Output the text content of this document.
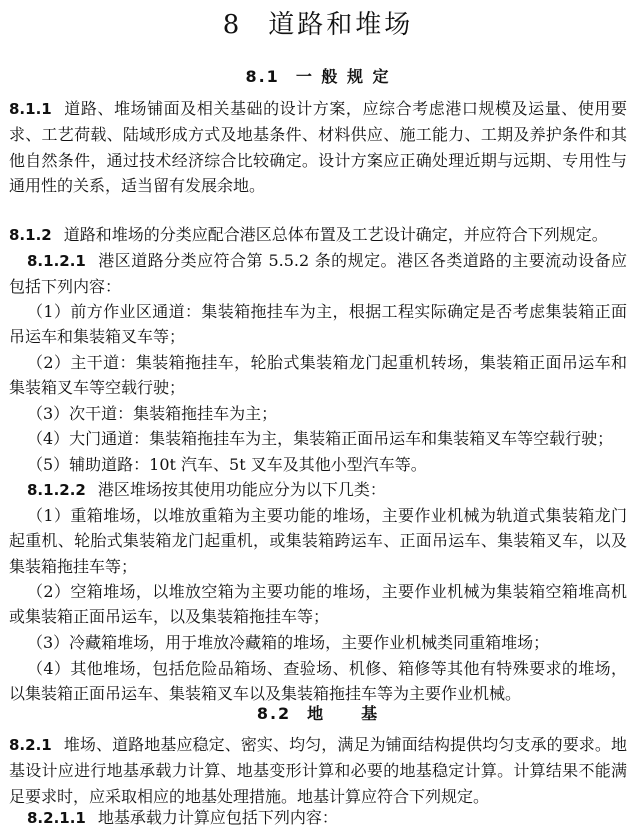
8 道路和堆场
8.1 一 般 规 定
8.1.1 道路、堆场铺面及相关基础的设计方案，应综合考虑港口规模及运量、使用要求、工艺荷载、陆域形成方式及地基条件、材料供应、施工能力、工期及养护条件和其他自然条件，通过技术经济综合比较确定。设计方案应正确处理近期与远期、专用性与通用性的关系，适当留有发展余地。
8.1.2 道路和堆场的分类应配合港区总体布置及工艺设计确定，并应符合下列规定。
8.1.2.1 港区道路分类应符合第 5.5.2 条的规定。港区各类道路的主要流动设备应包括下列内容：
（1）前方作业区通道：集装箱拖挂车为主，根据工程实际确定是否考虑集装箱正面吊运车和集装箱叉车等；
（2）主干道：集装箱拖挂车，轮胎式集装箱龙门起重机转场，集装箱正面吊运车和集装箱叉车等空载行驶；
（3）次干道：集装箱拖挂车为主；
（4）大门通道：集装箱拖挂车为主，集装箱正面吊运车和集装箱叉车等空载行驶；
（5）辅助道路：10t 汽车、5t 叉车及其他小型汽车等。
8.1.2.2 港区堆场按其使用功能应分为以下几类：
（1）重箱堆场，以堆放重箱为主要功能的堆场，主要作业机械为轨道式集装箱龙门起重机、轮胎式集装箱龙门起重机，或集装箱跨运车、正面吊运车、集装箱叉车，以及集装箱拖挂车等；
（2）空箱堆场，以堆放空箱为主要功能的堆场，主要作业机械为集装箱空箱堆高机或集装箱正面吊运车，以及集装箱拖挂车等；
（3）冷藏箱堆场，用于堆放冷藏箱的堆场，主要作业机械类同重箱堆场；
（4）其他堆场，包括危险品箱场、查验场、机修、箱修等其他有特殊要求的堆场，以集装箱正面吊运车、集装箱叉车以及集装箱拖挂车等为主要作业机械。
8.2 地　　基
8.2.1 堆场、道路地基应稳定、密实、均匀，满足为铺面结构提供均匀支承的要求。地基设计应进行地基承载力计算、地基变形计算和必要的地基稳定计算。计算结果不能满足要求时，应采取相应的地基处理措施。地基计算应符合下列规定。
8.2.1.1 地基承载力计算应包括下列内容：
